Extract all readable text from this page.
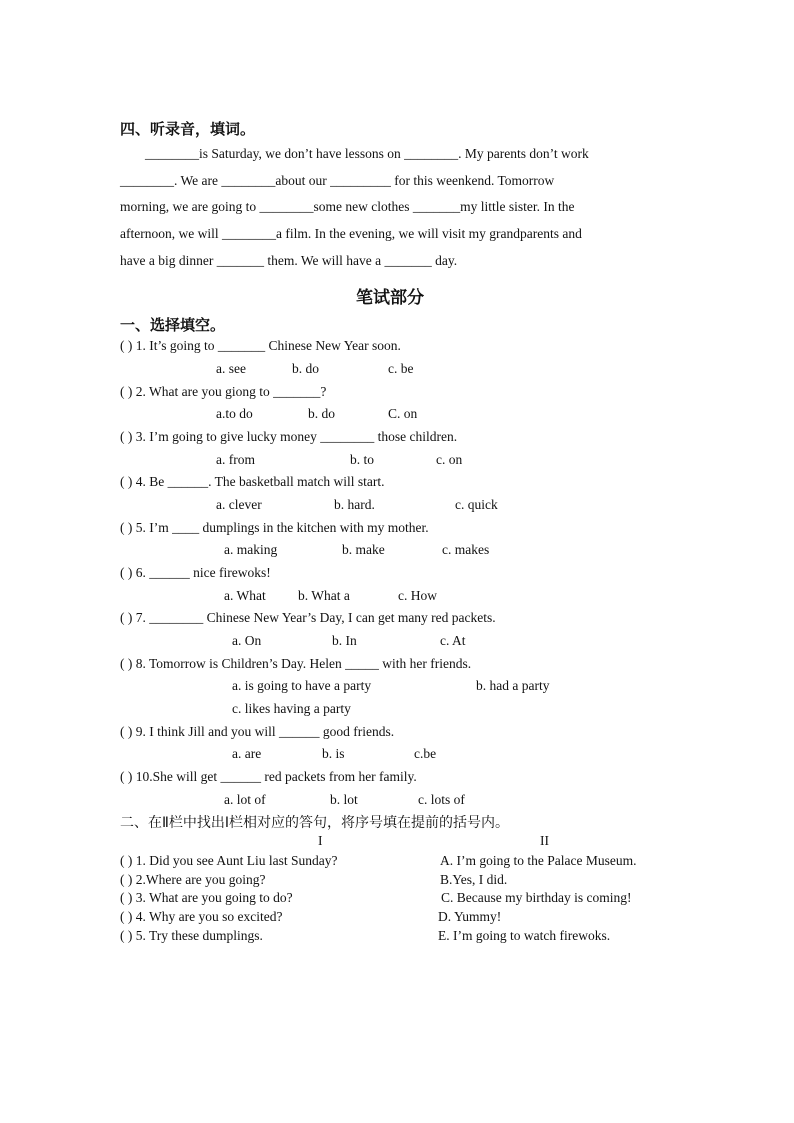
四、听录音，填词。
________is Saturday, we don’t have lessons on ________. My parents don’t work
________. We are ________about our _________ for this weenkend. Tomorrow
morning, we are going to ________some new clothes _______my little sister. In the
afternoon, we will ________a film. In the evening, we will visit my grandparents and
have a big dinner _______ them. We will have a _______ day.
笔试部分
一、选择填空。
( ) 1. It’s going to _______ Chinese New Year soon.
a. see	b. do	c. be
( ) 2. What are you giong to _______?
a.to do	b. do	C. on
( ) 3. I’m going to give lucky money ________ those children.
a. from	b. to	c. on
( ) 4. Be ______. The basketball match will start.
a. clever	b. hard.	c. quick
( ) 5. I’m ____ dumplings in the kitchen with my mother.
a. making	b. make	c. makes
( ) 6. ______ nice firewoks!
a. What b. What a	c. How
( ) 7. ________ Chinese New Year’s Day, I can get many red packets.
a. On	b. In	c. At
( ) 8. Tomorrow is Children’s Day. Helen _____ with her friends.
a. is going to have a party	b. had a party
c. likes having a party
( ) 9. I think Jill and you will ______ good friends.
a. are	b. is	c.be
( ) 10.She will get ______ red packets from her family.
a. lot of	b. lot	c. lots of
二、在Ⅱ栏中找出Ⅰ栏相对应的答句，将序号填在提前的括号内。
I	II
( ) 1. Did you see Aunt Liu last Sunday?	A. I’m going to the Palace Museum.
( ) 2.Where are you going?	B.Yes, I did.
( ) 3. What are you going to do?	C. Because my birthday is coming!
( ) 4. Why are you so excited?	D. Yummy!
( ) 5. Try these dumplings.	E. I’m going to watch firewoks.
